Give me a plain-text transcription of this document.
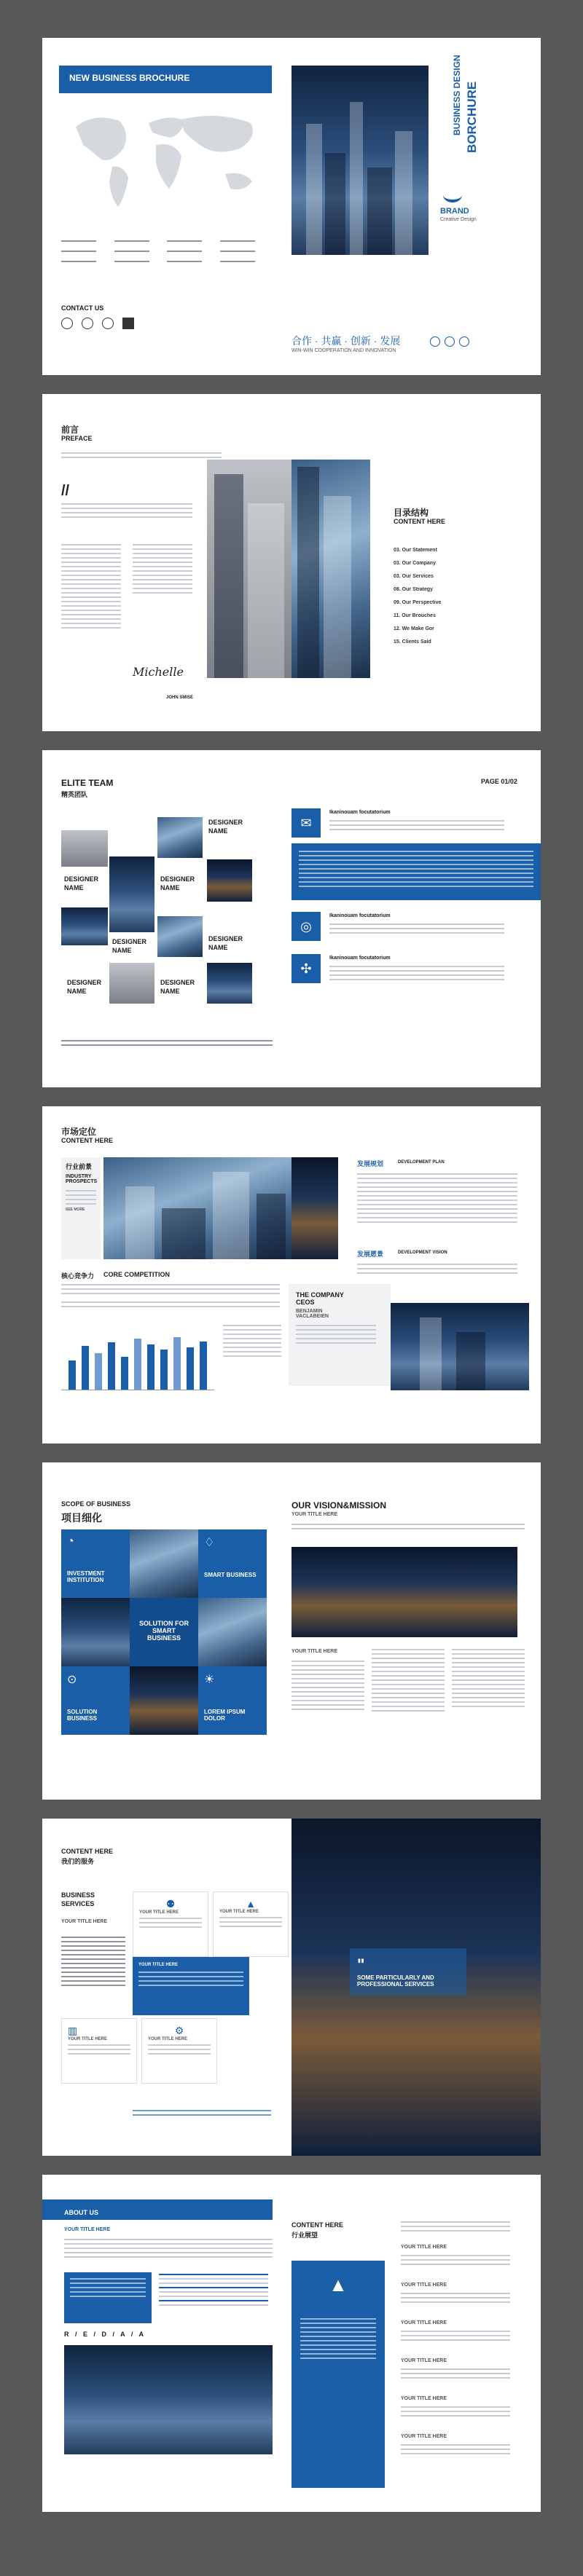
NEW BUSINESS BROCHURE
CONTACT US
BUSINESS DESIGN BORCHURE
BRAND
Creative Design
合作 · 共赢 · 创新 · 发展
WIN-WIN COOPERATION AND INNOVATION
前言
PREFACE
//
Michelle
JOHN SMISE
目录结构
CONTENT HERE
03. Our Statement
03. Our Company
03. Our Services
08. Our Strategy
09. Our Perspective
11. Our Brouches
12. We Make Gor
15. Clients Said
ELITE TEAM
精英团队
DESIGNER
NAME
DESIGNER
NAME
DESIGNER
NAME
DESIGNER
NAME
DESIGNER
NAME
DESIGNER
NAME
DESIGNER
NAME
PAGE 01/02
✉
Ikaninouam focutatorium
◎
Ikaninouam focutatorium
✣
Ikaninouam focutatorium
市场定位
CONTENT HERE
行业前景
INDUSTRY PROSPECTS
SEE MORE
核心竞争力 CORE COMPETITION
发展规划	DEVELOPMENT PLAN
发展愿景	DEVELOPMENT VISION
THE COMPANY CEOS
BENJAMIN VACLABEIEN
SCOPE OF BUSINESS
项目细化
◔
INVESTMENT INSTITUTION
♢
SMART BUSINESS
SOLUTION FOR SMART BUSINESS
⊙
SOLUTION BUSINESS
☀
LOREM IPSUM DOLOR
OUR VISION&MISSION
YOUR TITLE HERE
YOUR TITLE HERE
CONTENT HERE
我们的服务
BUSINESS
SERVICES
YOUR TITLE HERE
⚉
YOUR TITLE HERE
▲
YOUR TITLE HERE
YOUR TITLE HERE
▥
YOUR TITLE HERE
⚙
YOUR TITLE HERE
"
SOME PARTICULARLY AND PROFESSIONAL SERVICES
ABOUT US
YOUR TITLE HERE
R / E / D / A / A
CONTENT HERE
行业展望
▲
YOUR TITLE HERE
YOUR TITLE HERE
YOUR TITLE HERE
YOUR TITLE HERE
YOUR TITLE HERE
YOUR TITLE HERE
